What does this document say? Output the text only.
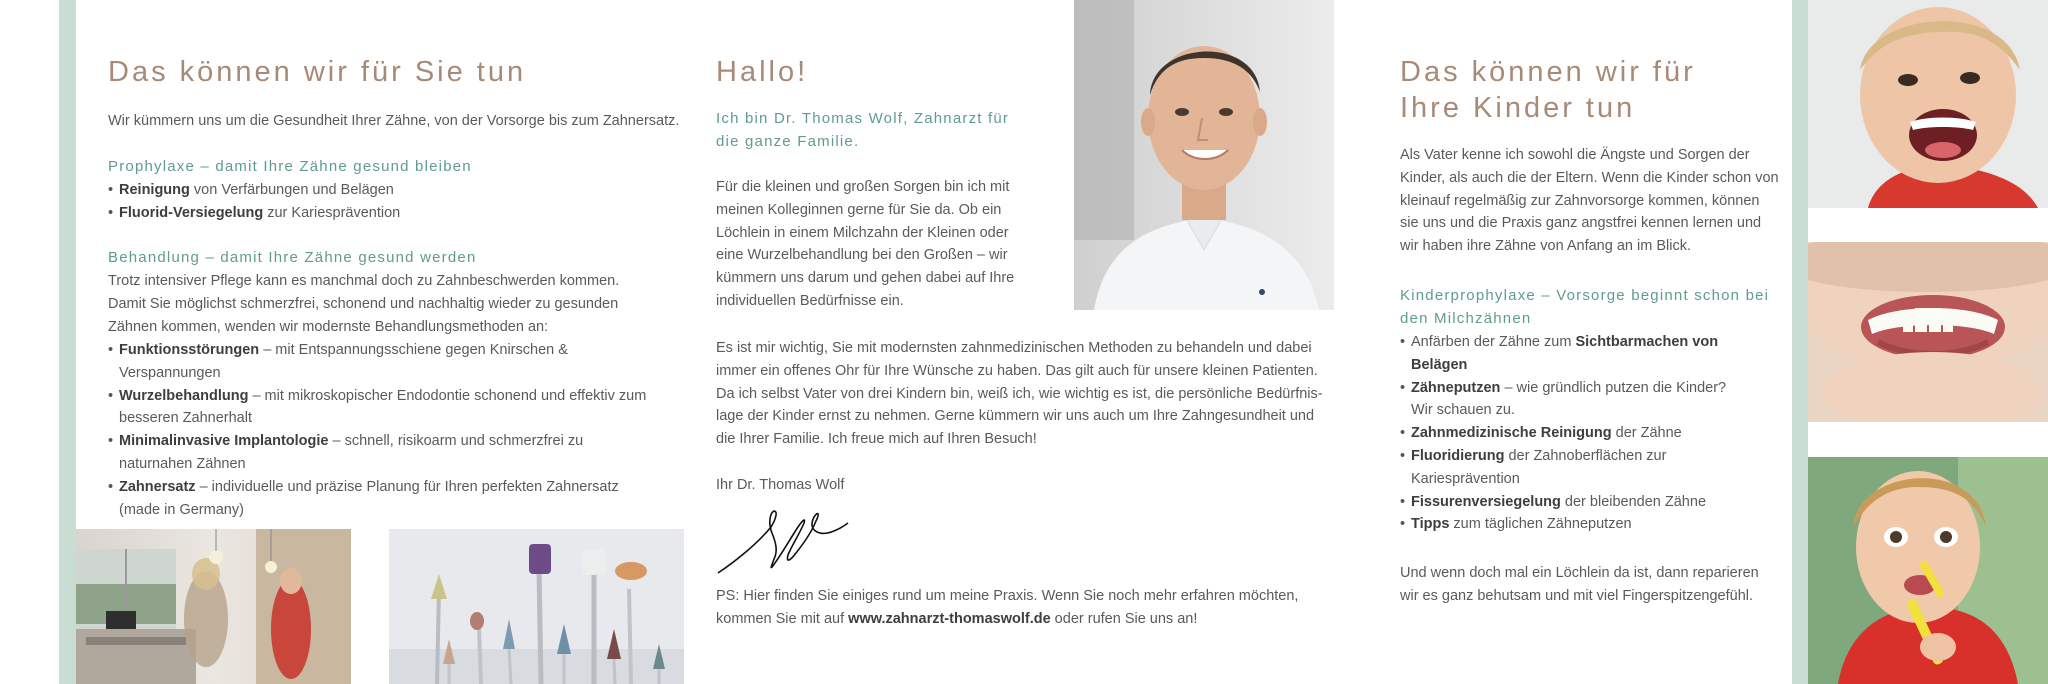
Das können wir für Sie tun

Wir kümmern uns um die Gesundheit Ihrer Zähne, von der Vorsorge bis zum Zahnersatz.

Prophylaxe – damit Ihre Zähne gesund bleiben
• Reinigung von Verfärbungen und Belägen
• Fluorid-Versiegelung zur Kariesprävention
Behandlung – damit Ihre Zähne gesund werden

Trotz intensiver Pflege kann es manchmal doch zu Zahnbeschwerden kommen. Damit Sie möglichst schmerzfrei, schonend und nachhaltig wieder zu gesunden Zähnen kommen, wenden wir modernste Behandlungsmethoden an:

• Funktionsstörungen – mit Entspannungsschiene gegen Knirschen & Verspannungen
• Wurzelbehandlung – mit mikroskopischer Endodontie schonend und effektiv zum besseren Zahnerhalt
• Minimalinvasive Implantologie – schnell, risikoarm und schmerzfrei zu naturnahen Zähnen
• Zahnersatz – individuelle und präzise Planung für Ihren perfekten Zahnersatz (made in Germany)
Hallo!
Ich bin Dr. Thomas Wolf, Zahnarzt für die ganze Familie.

Für die kleinen und großen Sorgen bin ich mit meinen Kolleginnen gerne für Sie da. Ob ein Löchlein in einem Milchzahn der Kleinen oder eine Wurzelbehandlung bei den Großen – wir kümmern uns darum und gehen dabei auf Ihre individuellen Bedürfnisse ein.

Es ist mir wichtig, Sie mit modernsten zahnmedizinischen Methoden zu behandeln und dabei immer ein offenes Ohr für Ihre Wünsche zu haben. Das gilt auch für unsere kleinen Patienten. Da ich selbst Vater von drei Kindern bin, weiß ich, wie wichtig es ist, die persönliche Bedürfnis-lage der Kinder ernst zu nehmen. Gerne kümmern wir uns auch um Ihre Zahngesundheit und die Ihrer Familie. Ich freue mich auf Ihren Besuch!

Ihr Dr. Thomas Wolf

PS: Hier finden Sie einiges rund um meine Praxis. Wenn Sie noch mehr erfahren möchten, kommen Sie mit auf www.zahnarzt-thomaswolf.de oder rufen Sie uns an!

Das können wir für Ihre Kinder tun

Als Vater kenne ich sowohl die Ängste und Sorgen der Kinder, als auch die der Eltern. Wenn die Kinder schon von kleinauf regelmäßig zur Zahnvorsorge kommen, können sie uns und die Praxis ganz angstfrei kennen lernen und wir haben ihre Zähne von Anfang an im Blick.

Kinderprophylaxe – Vorsorge beginnt schon bei den Milchzähnen
• Anfärben der Zähne zum Sichtbarmachen von Belägen
• Zähneputzen – wie gründlich putzen die Kinder? Wir schauen zu.
• Zahnmedizinische Reinigung der Zähne
• Fluoridierung der Zahnoberflächen zur Kariesprävention
• Fissurenversiegelung der bleibenden Zähne
• Tipps zum täglichen Zähneputzen

Und wenn doch mal ein Löchlein da ist, dann reparieren wir es ganz behutsam und mit viel Fingerspitzengefühl.
